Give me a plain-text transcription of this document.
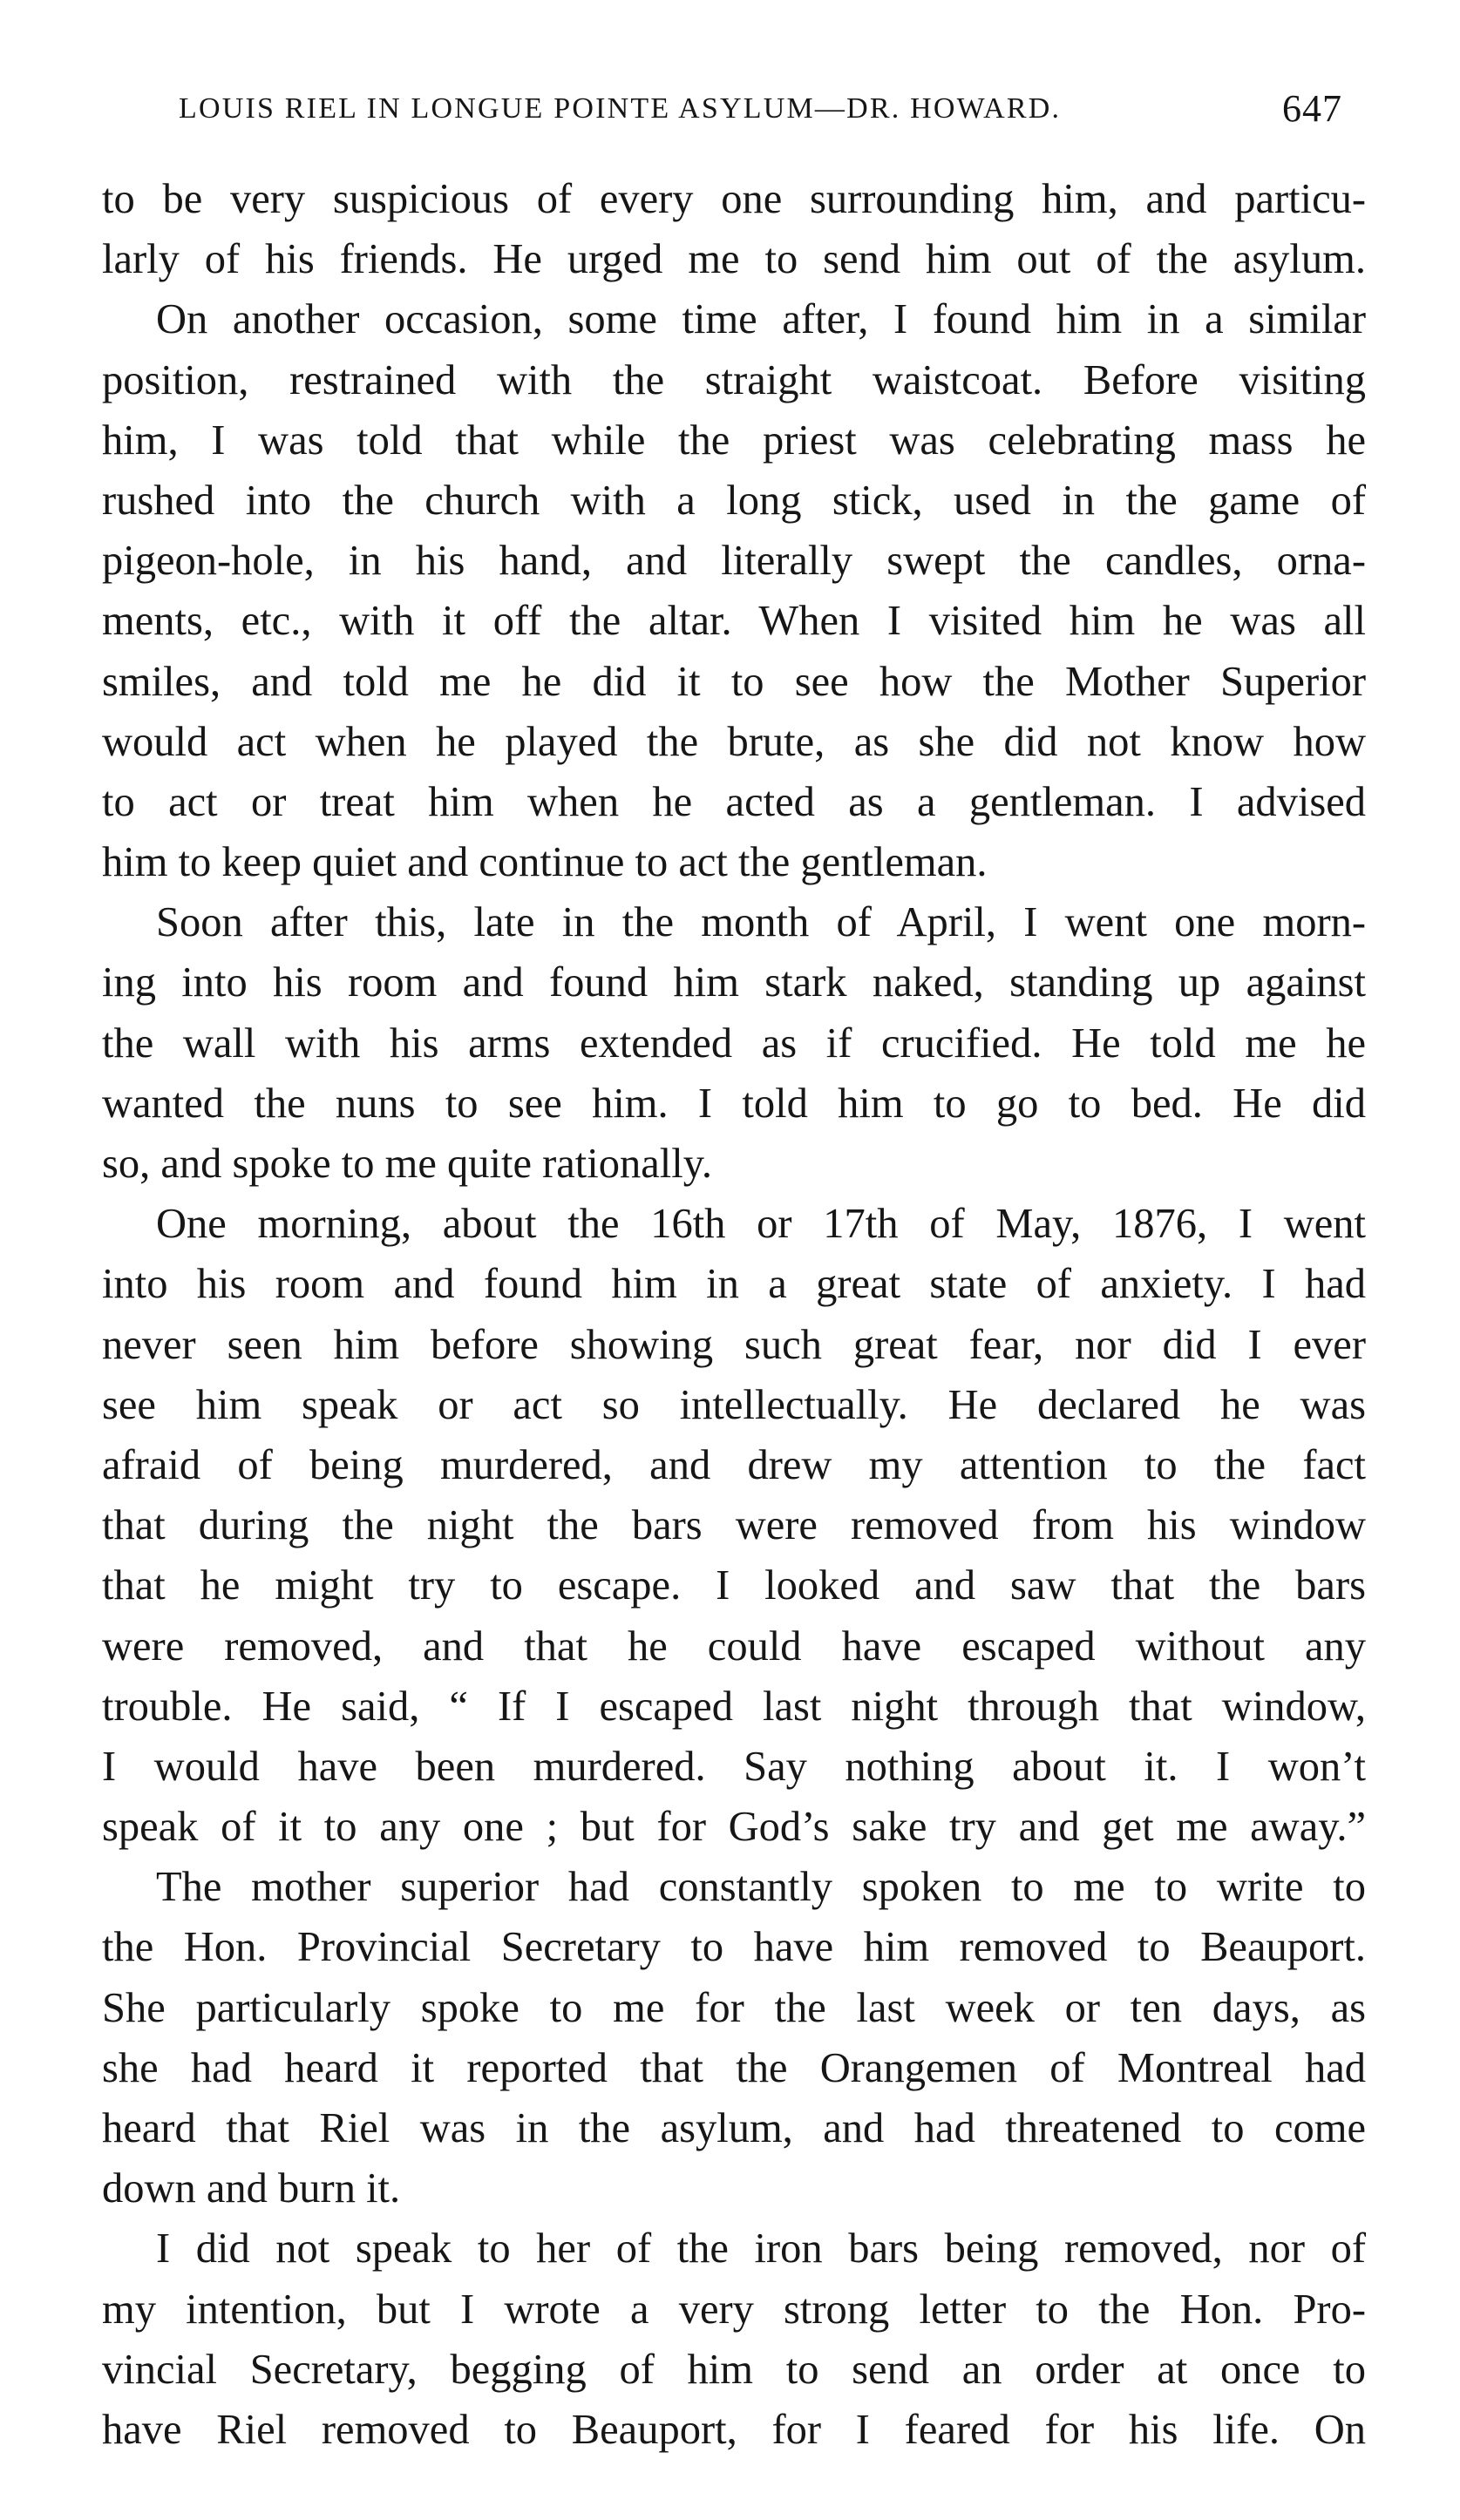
LOUIS RIEL IN LONGUE POINTE ASYLUM—DR. HOWARD.	647
to be very suspicious of every one surrounding him, and particu-
larly of his friends. He urged me to send him out of the asylum.
On another occasion, some time after, I found him in a similar
position, restrained with the straight waistcoat. Before visiting
him, I was told that while the priest was celebrating mass he
rushed into the church with a long stick, used in the game of
pigeon-hole, in his hand, and literally swept the candles, orna-
ments, etc., with it off the altar. When I visited him he was all
smiles, and told me he did it to see how the Mother Superior
would act when he played the brute, as she did not know how
to act or treat him when he acted as a gentleman. I advised
him to keep quiet and continue to act the gentleman.
Soon after this, late in the month of April, I went one morn-
ing into his room and found him stark naked, standing up against
the wall with his arms extended as if crucified. He told me he
wanted the nuns to see him. I told him to go to bed. He did
so, and spoke to me quite rationally.
One morning, about the 16th or 17th of May, 1876, I went
into his room and found him in a great state of anxiety. I had
never seen him before showing such great fear, nor did I ever
see him speak or act so intellectually. He declared he was
afraid of being murdered, and drew my attention to the fact
that during the night the bars were removed from his window
that he might try to escape. I looked and saw that the bars
were removed, and that he could have escaped without any
trouble. He said, “ If I escaped last night through that window,
I would have been murdered. Say nothing about it. I won’t
speak of it to any one ; but for God’s sake try and get me away.”
The mother superior had constantly spoken to me to write to
the Hon. Provincial Secretary to have him removed to Beauport.
She particularly spoke to me for the last week or ten days, as
she had heard it reported that the Orangemen of Montreal had
heard that Riel was in the asylum, and had threatened to come
down and burn it.
I did not speak to her of the iron bars being removed, nor of
my intention, but I wrote a very strong letter to the Hon. Pro-
vincial Secretary, begging of him to send an order at once to
have Riel removed to Beauport, for I feared for his life. On
